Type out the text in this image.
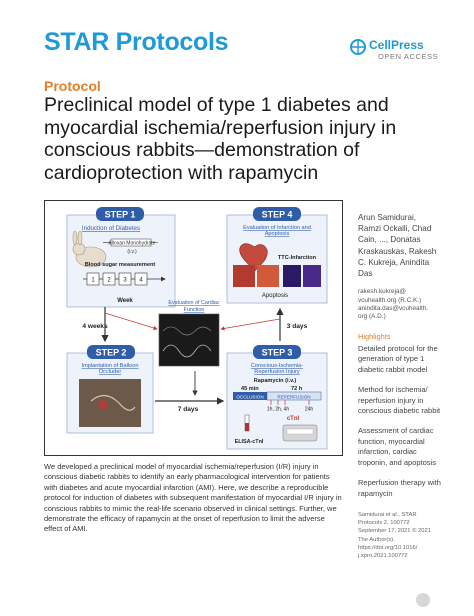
STAR Protocols	CellPress
OPEN ACCESS
Protocol
Preclinical model of type 1 diabetes and myocardial ischemia/reperfusion injury in conscious rabbits—demonstration of cardioprotection with rapamycin
STEP 1
Induction of Diabetes
Alloxan Monohydrate
(i.v.)
Blood sugar measurement
1 2 3 4
Week
STEP 4
Evaluation of Infarction and
Apoptosis
TTC-Infarction
Apoptosis
Evaluation of Cardiac
Function
STEP 2
Implantation of Balloon
Occluder
STEP 3
Conscious-Ischemia-
Reperfusion Injury
Rapamycin (i.v.)
45 min	72 h
OCCLUSION	REPERFUSION
1h, 2h, 4h	24h
cTnI
ELISA-cTnI
4 weeks	3 days
7 days
We developed a preclinical model of myocardial ischemia/reperfusion (I/R) injury in conscious diabetic rabbits to identify an early pharmacological intervention for patients with diabetes and acute myocardial infarction (AMI). Here, we describe a reproducible protocol for induction of diabetes with subsequent manifestation of myocardial I/R injury in conscious rabbits to mimic the real-life scenario observed in clinical settings. Further, we demonstrate the efficacy of rapamycin at the onset of reperfusion to limit the adverse effect of AMI.
Arun Samidurai,
Ramzi Ockaili, Chad
Cain, ..., Donatas
Kraskauskas, Rakesh
C. Kukreja, Anindita
Das
rakesh.kukreja@
vcuhealth.org (R.C.K.)
anindita.das@vcuhealth.
org (A.D.)
Highlights
Detailed protocol for the generation of type 1 diabetic rabbit model
Method for ischemia/ reperfusion injury in conscious diabetic rabbit
Assessment of cardiac function, myocardial infarction, cardiac troponin, and apoptosis
Reperfusion therapy with rapamycin
Samidurai et al., STAR
Protocols 2, 100772
September 17, 2021 © 2021
The Author(s).
https://doi.org/10.1016/
j.xpro.2021.100772
